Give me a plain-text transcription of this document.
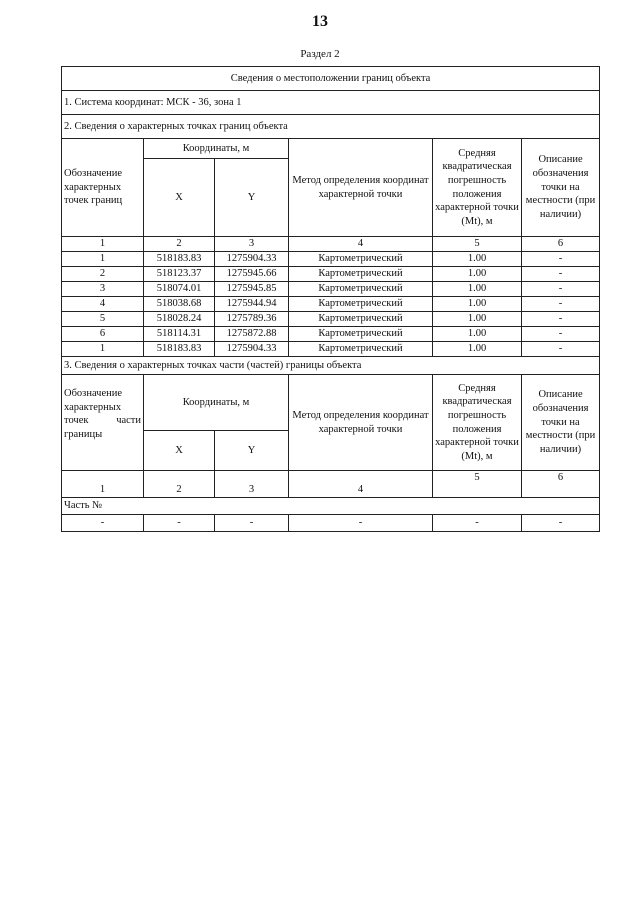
13
Раздел 2
Сведения о местоположении границ объекта					
1. Система координат: МСК - 36, зона 1					
2. Сведения о характерных точках границ объекта					
Обозначение характерных точек границ	Координаты, м		Метод определения координат характерной точки	Средняя квадратическая погрешность положения характерной точки (Mt), м	Описание обозначения точки на местности (при наличии)
	X	Y			
1	2	3	4	5	6
1	518183.83	1275904.33	Картометрический	1.00	-
2	518123.37	1275945.66	Картометрический	1.00	-
3	518074.01	1275945.85	Картометрический	1.00	-
4	518038.68	1275944.94	Картометрический	1.00	-
5	518028.24	1275789.36	Картометрический	1.00	-
6	518114.31	1275872.88	Картометрический	1.00	-
1	518183.83	1275904.33	Картометрический	1.00	-
3. Сведения о характерных точках части (частей) границы объекта					

Обозначение
характерных
точек   части
границы	Координаты, м		Метод определения координат характерной точки	Средняя квадратическая погрешность положения характерной точки (Mt), м	Описание обозначения точки на местности (при наличии)
	X	Y			
1	2	3	4	5	6
Часть №					
-	-	-	-	-	-
